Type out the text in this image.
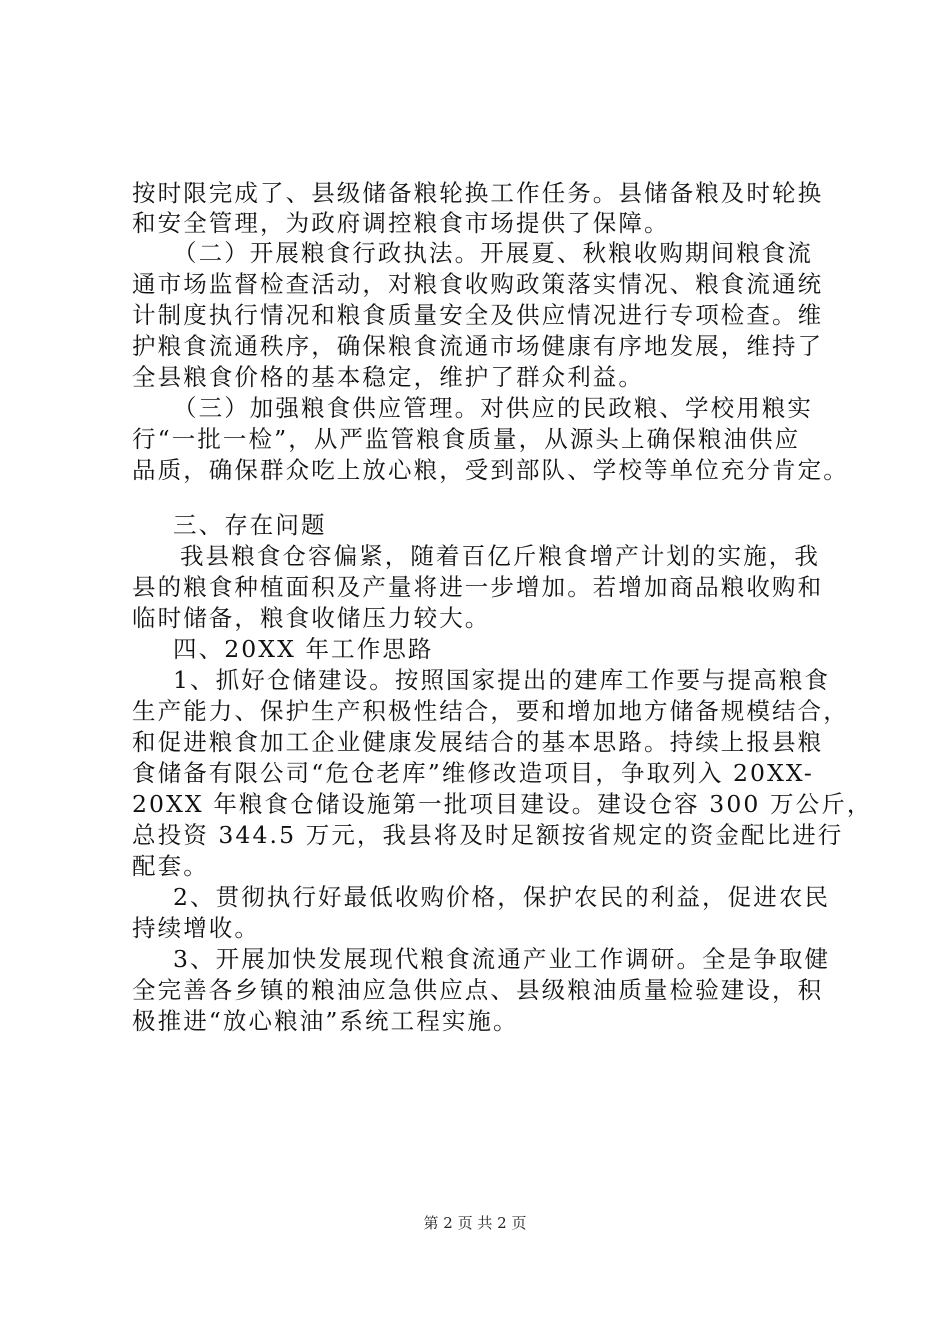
按时限完成了、县级储备粮轮换工作任务。县储备粮及时轮换
和安全管理，为政府调控粮食市场提供了保障。
（二）开展粮食行政执法。开展夏、秋粮收购期间粮食流
通市场监督检查活动，对粮食收购政策落实情况、粮食流通统
计制度执行情况和粮食质量安全及供应情况进行专项检查。维
护粮食流通秩序，确保粮食流通市场健康有序地发展，维持了
全县粮食价格的基本稳定，维护了群众利益。
（三）加强粮食供应管理。对供应的民政粮、学校用粮实
行“一批一检”，从严监管粮食质量，从源头上确保粮油供应
品质，确保群众吃上放心粮，受到部队、学校等单位充分肯定。
三、存在问题
我县粮食仓容偏紧，随着百亿斤粮食增产计划的实施，我
县的粮食种植面积及产量将进一步增加。若增加商品粮收购和
临时储备，粮食收储压力较大。
四、20XX 年工作思路
1、抓好仓储建设。按照国家提出的建库工作要与提高粮食
生产能力、保护生产积极性结合，要和增加地方储备规模结合，
和促进粮食加工企业健康发展结合的基本思路。持续上报县粮
食储备有限公司“危仓老库”维修改造项目，争取列入 20XX-
20XX 年粮食仓储设施第一批项目建设。建设仓容 300 万公斤，
总投资 344.5 万元，我县将及时足额按省规定的资金配比进行
配套。
2、贯彻执行好最低收购价格，保护农民的利益，促进农民
持续增收。
3、开展加快发展现代粮食流通产业工作调研。全是争取健
全完善各乡镇的粮油应急供应点、县级粮油质量检验建设，积
极推进“放心粮油”系统工程实施。
第 2 页 共 2 页
